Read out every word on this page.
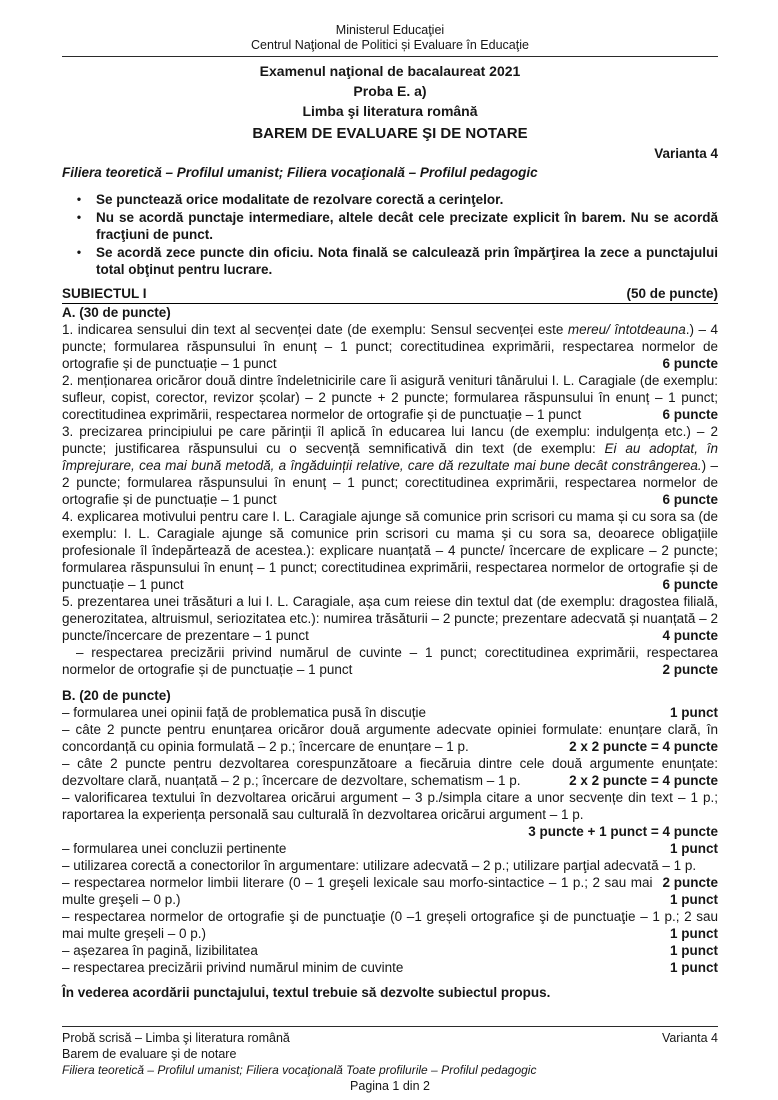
Ministerul Educaţiei
Centrul Naţional de Politici și Evaluare în Educaţie
Examenul naţional de bacalaureat 2021
Proba E. a)
Limba şi literatura română
BAREM DE EVALUARE ŞI DE NOTARE
Varianta 4
Filiera teoretică – Profilul umanist; Filiera vocaţională – Profilul pedagogic
•	Se punctează orice modalitate de rezolvare corectă a cerinţelor.
•	Nu se acordă punctaje intermediare, altele decât cele precizate explicit în barem. Nu se acordă fracţiuni de punct.
•	Se acordă zece puncte din oficiu. Nota finală se calculează prin împărţirea la zece a punctajului total obţinut pentru lucrare.
SUBIECTUL I	(50 de puncte)
A. (30 de puncte)
1. indicarea sensului din text al secvenței date (de exemplu: Sensul secvenței este mereu/ întotdeauna.) – 4 puncte; formularea răspunsului în enunț – 1 punct; corectitudinea exprimării, respectarea normelor de ortografie și de punctuație – 1 punct	6 puncte
2. menționarea oricăror două dintre îndeletnicirile care îi asigură venituri tânărului I. L. Caragiale (de exemplu: sufleur, copist, corector, revizor școlar) – 2 puncte + 2 puncte; formularea răspunsului în enunț – 1 punct; corectitudinea exprimării, respectarea normelor de ortografie și de punctuație – 1 punct	6 puncte
3. precizarea principiului pe care părinții îl aplică în educarea lui Iancu (de exemplu: indulgența etc.) – 2 puncte; justificarea răspunsului cu o secvență semnificativă din text (de exemplu: Ei au adoptat, în împrejurare, cea mai bună metodă, a îngăduinții relative, care dă rezultate mai bune decât constrângerea.) – 2 puncte; formularea răspunsului în enunț – 1 punct; corectitudinea exprimării, respectarea normelor de ortografie și de punctuație – 1 punct	6 puncte
4. explicarea motivului pentru care I. L. Caragiale ajunge să comunice prin scrisori cu mama și cu sora sa (de exemplu: I. L. Caragiale ajunge să comunice prin scrisori cu mama și cu sora sa, deoarece obligațiile profesionale îl îndepărtează de acestea.): explicare nuanțată – 4 puncte/ încercare de explicare – 2 puncte; formularea răspunsului în enunț – 1 punct; corectitudinea exprimării, respectarea normelor de ortografie și de punctuație – 1 punct	6 puncte
5. prezentarea unei trăsături a lui I. L. Caragiale, așa cum reiese din textul dat (de exemplu: dragostea filială, generozitatea, altruismul, seriozitatea etc.): numirea trăsăturii – 2 puncte; prezentare adecvată și nuanțată – 2 puncte/încercare de prezentare – 1 punct	4 puncte
– respectarea precizării privind numărul de cuvinte – 1 punct; corectitudinea exprimării, respectarea normelor de ortografie și de punctuație – 1 punct	2 puncte
B. (20 de puncte)
– formularea unei opinii față de problematica pusă în discuție	1 punct
– câte 2 puncte pentru enunțarea oricăror două argumente adecvate opiniei formulate: enunțare clară, în concordanță cu opinia formulată – 2 p.; încercare de enunțare – 1 p.	2 x 2 puncte = 4 puncte
– câte 2 puncte pentru dezvoltarea corespunzătoare a fiecăruia dintre cele două argumente enunțate: dezvoltare clară, nuanțată – 2 p.; încercare de dezvoltare, schematism – 1 p.	2 x 2 puncte = 4 puncte
– valorificarea textului în dezvoltarea oricărui argument – 3 p./simpla citare a unor secvențe din text – 1 p.; raportarea la experiența personală sau culturală în dezvoltarea oricărui argument – 1 p.
3 puncte + 1 punct = 4 puncte
– formularea unei concluzii pertinente	1 punct
– utilizarea corectă a conectorilor în argumentare: utilizare adecvată – 2 p.; utilizare parţial adecvată – 1 p.
2 puncte
– respectarea normelor limbii literare (0 – 1 greşeli lexicale sau morfo-sintactice – 1 p.; 2 sau mai multe greşeli – 0 p.)	1 punct
– respectarea normelor de ortografie şi de punctuaţie (0 –1 greșeli ortografice şi de punctuaţie – 1 p.; 2 sau mai multe greșeli – 0 p.)	1 punct
– așezarea în pagină, lizibilitatea	1 punct
– respectarea precizării privind numărul minim de cuvinte	1 punct
În vederea acordării punctajului, textul trebuie să dezvolte subiectul propus.
Probă scrisă – Limba şi literatura română	Varianta 4
Barem de evaluare şi de notare
Filiera teoretică – Profilul umanist; Filiera vocaţională Toate profilurile – Profilul pedagogic
Pagina 1 din 2
